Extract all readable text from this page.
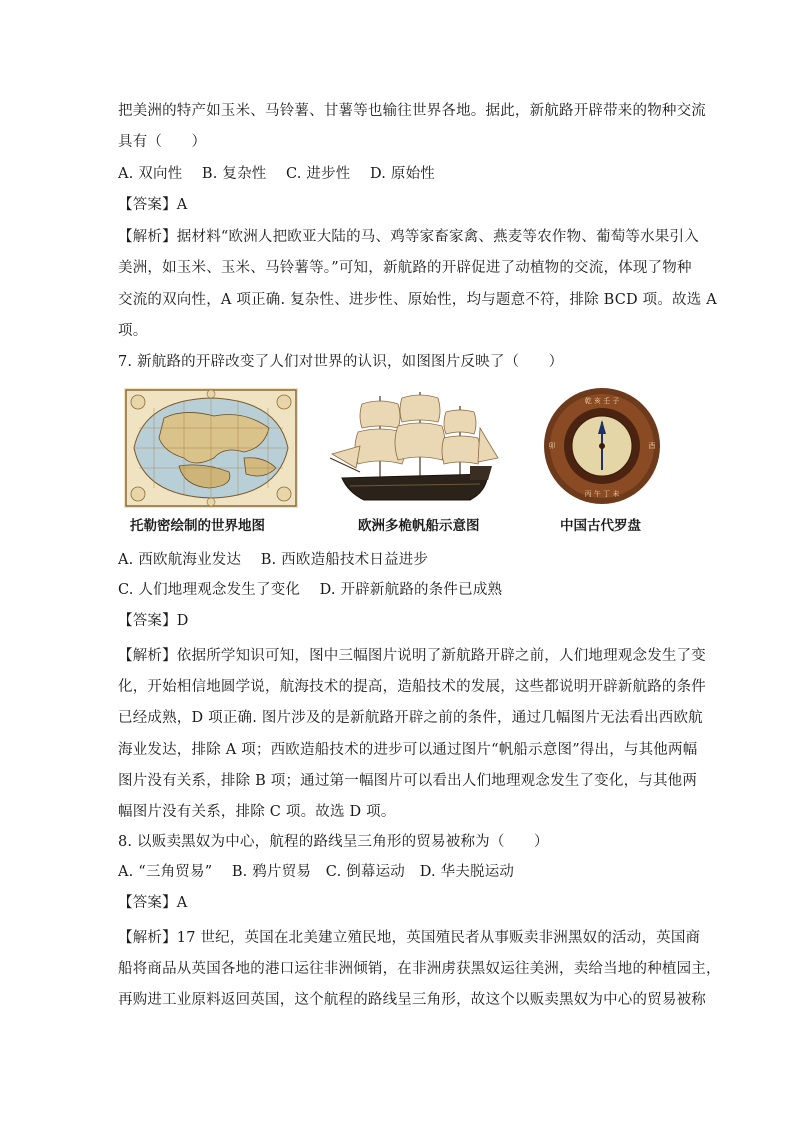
把美洲的特产如玉米、马铃薯、甘薯等也输往世界各地。据此，新航路开辟带来的物种交流
具有（　　）
A. 双向性　 B. 复杂性　 C. 进步性　 D. 原始性
【答案】A
【解析】据材料“欧洲人把欧亚大陆的马、鸡等家畜家禽、燕麦等农作物、葡萄等水果引入
美洲，如玉米、玉米、马铃薯等。”可知，新航路的开辟促进了动植物的交流，体现了物种
交流的双向性，A 项正确. 复杂性、进步性、原始性，均与题意不符，排除 BCD 项。故选 A
项。
7. 新航路的开辟改变了人们对世界的认识，如图图片反映了（　　）
托勒密绘制的世界地图	欧洲多桅帆船示意图
乾 亥 壬 子
丙 午 丁 未
卯	酉
中国古代罗盘
A. 西欧航海业发达　 B. 西欧造船技术日益进步
C. 人们地理观念发生了变化　 D. 开辟新航路的条件已成熟
【答案】D
【解析】依据所学知识可知，图中三幅图片说明了新航路开辟之前，人们地理观念发生了变
化，开始相信地圆学说，航海技术的提高，造船技术的发展，这些都说明开辟新航路的条件
已经成熟，D 项正确. 图片涉及的是新航路开辟之前的条件，通过几幅图片无法看出西欧航
海业发达，排除 A 项；西欧造船技术的进步可以通过图片“帆船示意图”得出，与其他两幅
图片没有关系，排除 B 项；通过第一幅图片可以看出人们地理观念发生了变化，与其他两
幅图片没有关系，排除 C 项。故选 D 项。
8. 以贩卖黑奴为中心，航程的路线呈三角形的贸易被称为（　　）
A. “三角贸易”　 B. 鸦片贸易　C. 倒幕运动　D. 华夫脱运动
【答案】A
【解析】17 世纪，英国在北美建立殖民地，英国殖民者从事贩卖非洲黑奴的活动，英国商
船将商品从英国各地的港口运往非洲倾销，在非洲虏获黑奴运往美洲，卖给当地的种植园主，
再购进工业原料返回英国，这个航程的路线呈三角形，故这个以贩卖黑奴为中心的贸易被称
